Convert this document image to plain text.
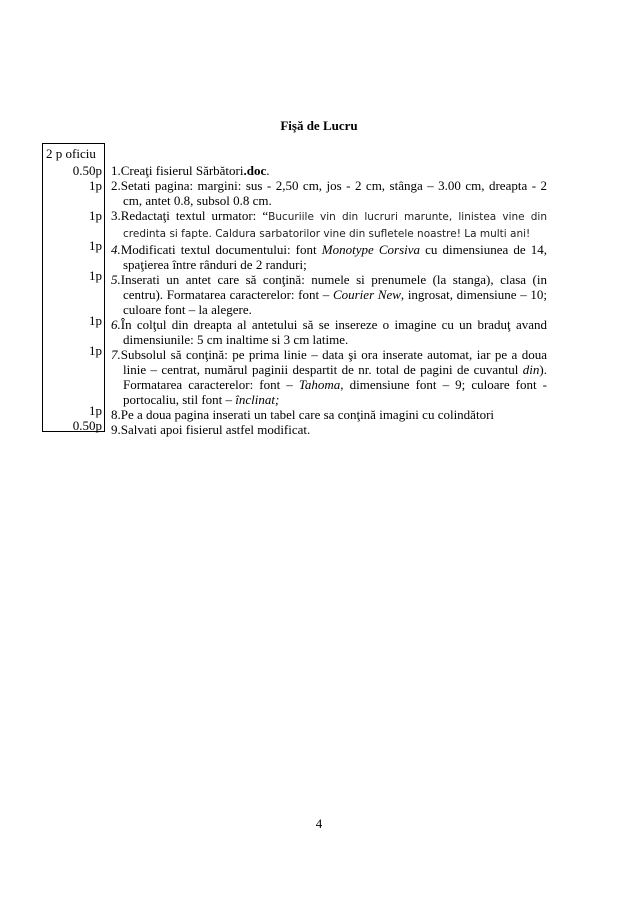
Fişă de Lucru
2 p oficiu
0.50p
1p
1p
1p
1p
1p
1p
1p
0.50p

1.Creaţi fisierul Sărbători.doc.

2.Setati pagina: margini: sus - 2,50 cm, jos - 2 cm, stânga – 3.00 cm, dreapta - 2 cm, antet 0.8, subsol 0.8 cm.

3.Redactaţi textul urmator: “Bucuriile vin din lucruri marunte, linistea vine din credinta si fapte. Caldura sarbatorilor vine din sufletele noastre! La multi ani!

4.Modificati textul documentului: font Monotype Corsiva cu dimensiunea de 14, spaţierea între rânduri de 2 randuri;

5.Inserati un antet care să conţină: numele si prenumele (la stanga), clasa (in centru). Formatarea caracterelor: font – Courier New, ingrosat, dimensiune – 10; culoare font – la alegere.

6.În colţul din dreapta al antetului să se insereze o imagine cu un braduţ avand dimensiunile: 5 cm inaltime si 3 cm latime.

7.Subsolul să conţină: pe prima linie – data şi ora inserate automat, iar pe a doua linie – centrat, numărul paginii despartit de nr. total de pagini de cuvantul din). Formatarea caracterelor: font – Tahoma, dimensiune font – 9; culoare font - portocaliu, stil font – înclinat;

8.Pe a doua pagina inserati un tabel care sa conţină imagini cu colindători

9.Salvati apoi fisierul astfel modificat.

4
